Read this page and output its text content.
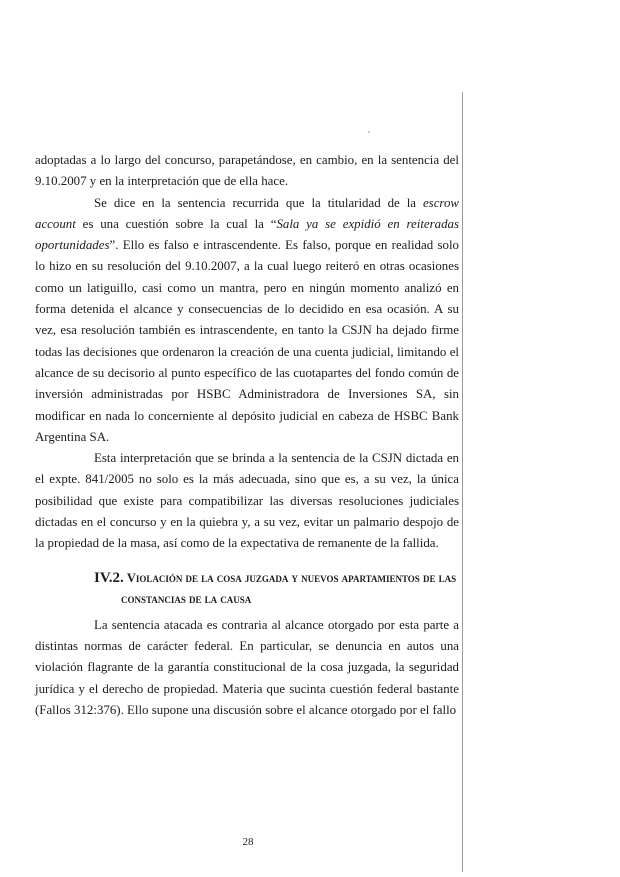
adoptadas a lo largo del concurso, parapetándose, en cambio, en la sentencia del 9.10.2007 y en la interpretación que de ella hace.

Se dice en la sentencia recurrida que la titularidad de la escrow account es una cuestión sobre la cual la “Sala ya se expidió en reiteradas oportunidades”. Ello es falso e intrascendente. Es falso, porque en realidad solo lo hizo en su resolución del 9.10.2007, a la cual luego reiteró en otras ocasiones como un latiguillo, casi como un mantra, pero en ningún momento analizó en forma detenida el alcance y consecuencias de lo decidido en esa ocasión. A su vez, esa resolución también es intrascendente, en tanto la CSJN ha dejado firme todas las decisiones que ordenaron la creación de una cuenta judicial, limitando el alcance de su decisorio al punto específico de las cuotapartes del fondo común de inversión administradas por HSBC Administradora de Inversiones SA, sin modificar en nada lo concerniente al depósito judicial en cabeza de HSBC Bank Argentina SA.

Esta interpretación que se brinda a la sentencia de la CSJN dictada en el expte. 841/2005 no solo es la más adecuada, sino que es, a su vez, la única posibilidad que existe para compatibilizar las diversas resoluciones judiciales dictadas en el concurso y en la quiebra y, a su vez, evitar un palmario despojo de la propiedad de la masa, así como de la expectativa de remanente de la fallida.

IV.2. Violación de la cosa juzgada y nuevos apartamientos de las
constancias de la causa

La sentencia atacada es contraria al alcance otorgado por esta parte a distintas normas de carácter federal. En particular, se denuncia en autos una violación flagrante de la garantía constitucional de la cosa juzgada, la seguridad jurídica y el derecho de propiedad. Materia que sucinta cuestión federal bastante (Fallos 312:376). Ello supone una discusión sobre el alcance otorgado por el fallo

28
